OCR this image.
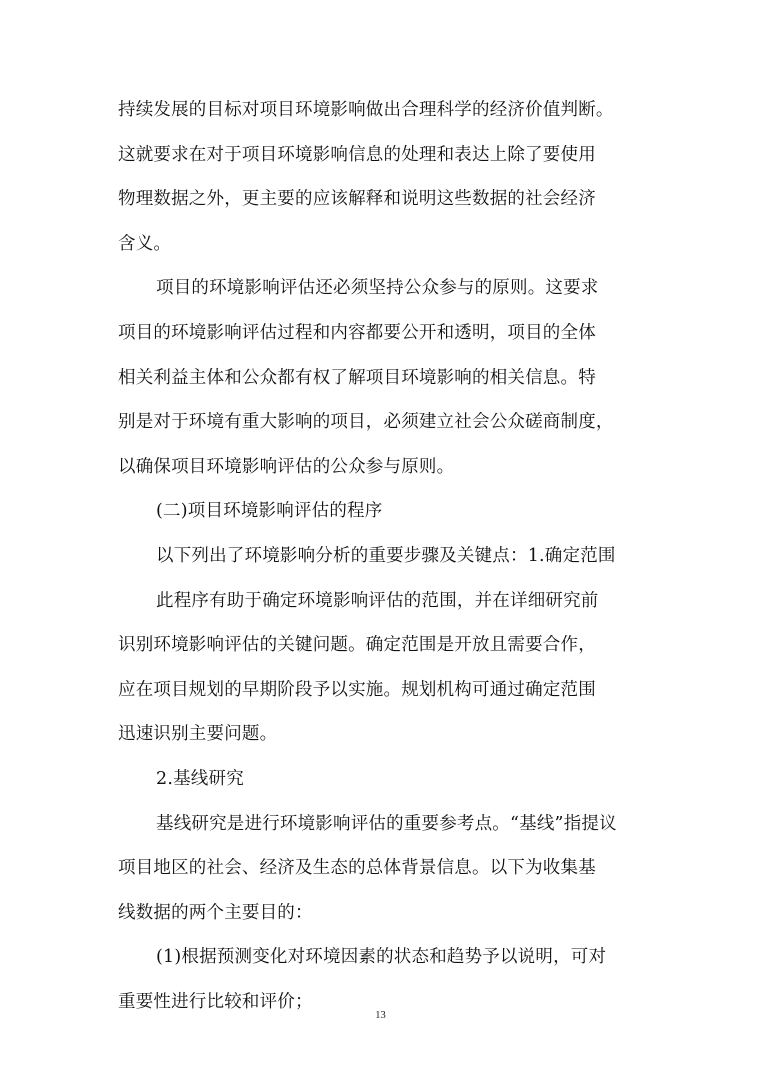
持续发展的目标对项目环境影响做出合理科学的经济价值判断。
这就要求在对于项目环境影响信息的处理和表达上除了要使用
物理数据之外，更主要的应该解释和说明这些数据的社会经济
含义。
项目的环境影响评估还必须坚持公众参与的原则。这要求
项目的环境影响评估过程和内容都要公开和透明，项目的全体
相关利益主体和公众都有权了解项目环境影响的相关信息。特
别是对于环境有重大影响的项目，必须建立社会公众磋商制度，
以确保项目环境影响评估的公众参与原则。
(二)项目环境影响评估的程序
以下列出了环境影响分析的重要步骤及关键点：1.确定范围
此程序有助于确定环境影响评估的范围，并在详细研究前
识别环境影响评估的关键问题。确定范围是开放且需要合作，
应在项目规划的早期阶段予以实施。规划机构可通过确定范围
迅速识别主要问题。
2.基线研究
基线研究是进行环境影响评估的重要参考点。“基线”指提议
项目地区的社会、经济及生态的总体背景信息。以下为收集基
线数据的两个主要目的：
(1)根据预测变化对环境因素的状态和趋势予以说明，可对
重要性进行比较和评价；
13
